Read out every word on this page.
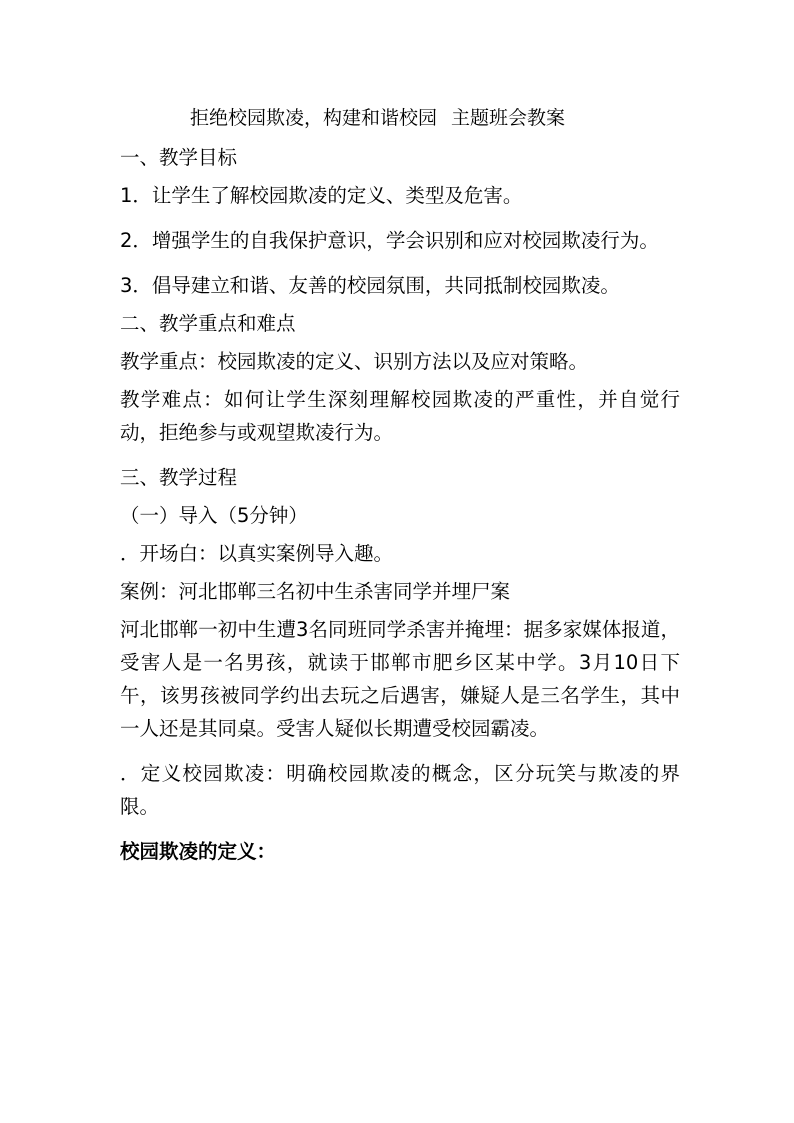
拒绝校园欺凌，构建和谐校园 主题班会教案

一、教学目标

1．让学生了解校园欺凌的定义、类型及危害。

2．增强学生的自我保护意识，学会识别和应对校园欺凌行为。

3．倡导建立和谐、友善的校园氛围，共同抵制校园欺凌。

二、教学重点和难点

教学重点：校园欺凌的定义、识别方法以及应对策略。

教学难点：如何让学生深刻理解校园欺凌的严重性，并自觉行动，拒绝参与或观望欺凌行为。

三、教学过程

（一）导入（5分钟）

．开场白：以真实案例导入趣。

案例：河北邯郸三名初中生杀害同学并埋尸案

河北邯郸一初中生遭3名同班同学杀害并掩埋：据多家媒体报道，受害人是一名男孩，就读于邯郸市肥乡区某中学。3月10日下午，该男孩被同学约出去玩之后遇害，嫌疑人是三名学生，其中一人还是其同桌。受害人疑似长期遭受校园霸凌。

．定义校园欺凌：明确校园欺凌的概念，区分玩笑与欺凌的界限。

校园欺凌的定义：
